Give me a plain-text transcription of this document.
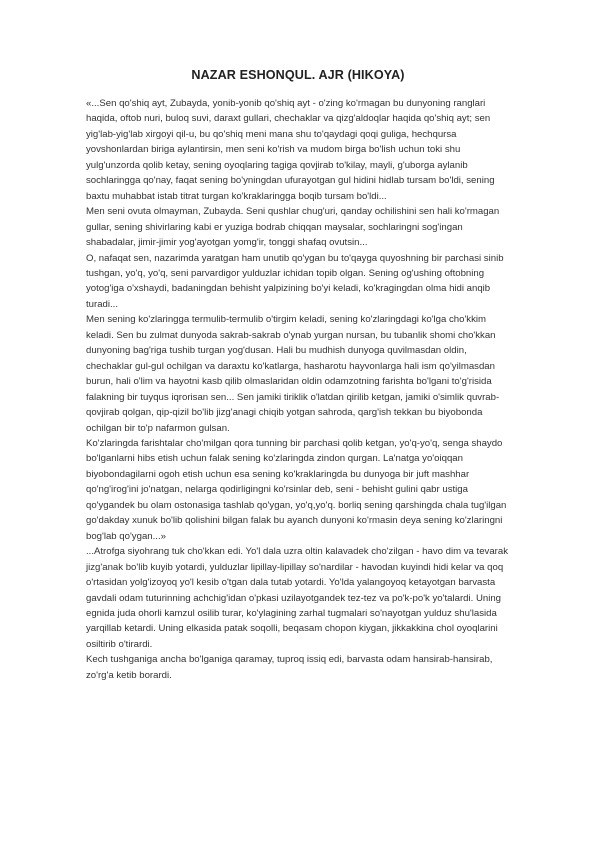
NAZAR ESHONQUL. AJR (HIKOYA)

«...Sen qo'shiq ayt, Zubayda, yonib-yonib qo'shiq ayt - o'zing ko'rmagan bu dunyoning ranglari haqida, oftob nuri, buloq suvi, daraxt gullari, chechaklar va qizg'aldoqlar haqida qo'shiq ayt; sen yig'lab-yig'lab xirgoyi qil-u, bu qo'shiq meni mana shu to'qaydagi qoqi guliga, hechqursa yovshonlardan biriga aylantirsin, men seni ko'rish va mudom birga bo'lish uchun toki shu yulg'unzorda qolib ketay, sening oyoqlaring tagiga qovjirab to'kilay, mayli, g'uborga aylanib sochlaringga qo'nay, faqat sening bo'yningdan ufurayotgan gul hidini hidlab tursam bo'ldi, sening baxtu muhabbat istab titrat turgan ko'kraklaringga boqib tursam bo'ldi...

Men seni ovuta olmayman, Zubayda. Seni qushlar chug'uri, qanday ochilishini sen hali ko'rmagan gullar, sening shivirlaring kabi er yuziga bodrab chiqqan maysalar, sochlaringni sog'ingan shabadalar, jimir-jimir yog'ayotgan yomg'ir, tonggi shafaq ovutsin...

O, nafaqat sen, nazarimda yaratgan ham unutib qo'ygan bu to'qayga quyoshning bir parchasi sinib tushgan, yo'q, yo'q, seni parvardigor yulduzlar ichidan topib olgan. Sening og'ushing oftobning yotog'iga o'xshaydi, badaningdan behisht yalpizining bo'yi keladi, ko'kragingdan olma hidi anqib turadi...

Men sening ko'zlaringga termulib-termulib o'tirgim keladi, sening ko'zlaringdagi ko'lga cho'kkim keladi. Sen bu zulmat dunyoda sakrab-sakrab o'ynab yurgan nursan, bu tubanlik shomi cho'kkan dunyoning bag'riga tushib turgan yog'dusan. Hali bu mudhish dunyoga quvilmasdan oldin, chechaklar gul-gul ochilgan va daraxtu ko'katlarga, hasharotu hayvonlarga hali ism qo'yilmasdan burun, hali o'lim va hayotni kasb qilib olmaslaridan oldin odamzotning farishta bo'lgani to'g'risida falakning bir tuyqus iqrorisan sen... Sen jamiki tiriklik o'latdan qirilib ketgan, jamiki o'simlik quvrab-qovjirab qolgan, qip-qizil bo'lib jizg'anagi chiqib yotgan sahroda, qarg'ish tekkan bu biyobonda ochilgan bir to'p nafarmon gulsan.

Ko'zlaringda farishtalar cho'milgan qora tunning bir parchasi qolib ketgan, yo'q-yo'q, senga shaydo bo'lganlarni hibs etish uchun falak sening ko'zlaringda zindon qurgan. La'natga yo'oiqqan biyobondagilarni ogoh etish uchun esa sening ko'kraklaringda bu dunyoga bir juft mashhar qo'ng'irog'ini jo'natgan, nelarga qodirligingni ko'rsinlar deb, seni - behisht gulini qabr ustiga qo'ygandek bu olam ostonasiga tashlab qo'ygan, yo'q,yo'q. borliq sening qarshingda chala tug'ilgan go'dakday xunuk bo'lib qolishini bilgan falak bu ayanch dunyoni ko'rmasin deya sening ko'zlaringni bog'lab qo'ygan...»

...Atrofga siyohrang tuk cho'kkan edi. Yo'l dala uzra oltin kalavadek cho'zilgan - havo dim va tevarak jizg'anak bo'lib kuyib yotardi, yulduzlar lipillay-lipillay so'nardilar - havodan kuyindi hidi kelar va qoq o'rtasidan yolg'izoyoq yo'l kesib o'tgan dala tutab yotardi. Yo'lda yalangoyoq ketayotgan barvasta gavdali odam tuturinning achchig'idan o'pkasi uzilayotgandek tez-tez va po'k-po'k yo'talardi. Uning egnida juda ohorli kamzul osilib turar, ko'ylagining zarhal tugmalari so'nayotgan yulduz shu'lasida yarqillab ketardi. Uning elkasida patak soqolli, beqasam chopon kiygan, jikkakkina chol oyoqlarini osiltirib o'tirardi.

Kech tushganiga ancha bo'lganiga qaramay, tuproq issiq edi, barvasta odam hansirab-hansirab, zo'rg'a ketib borardi.
